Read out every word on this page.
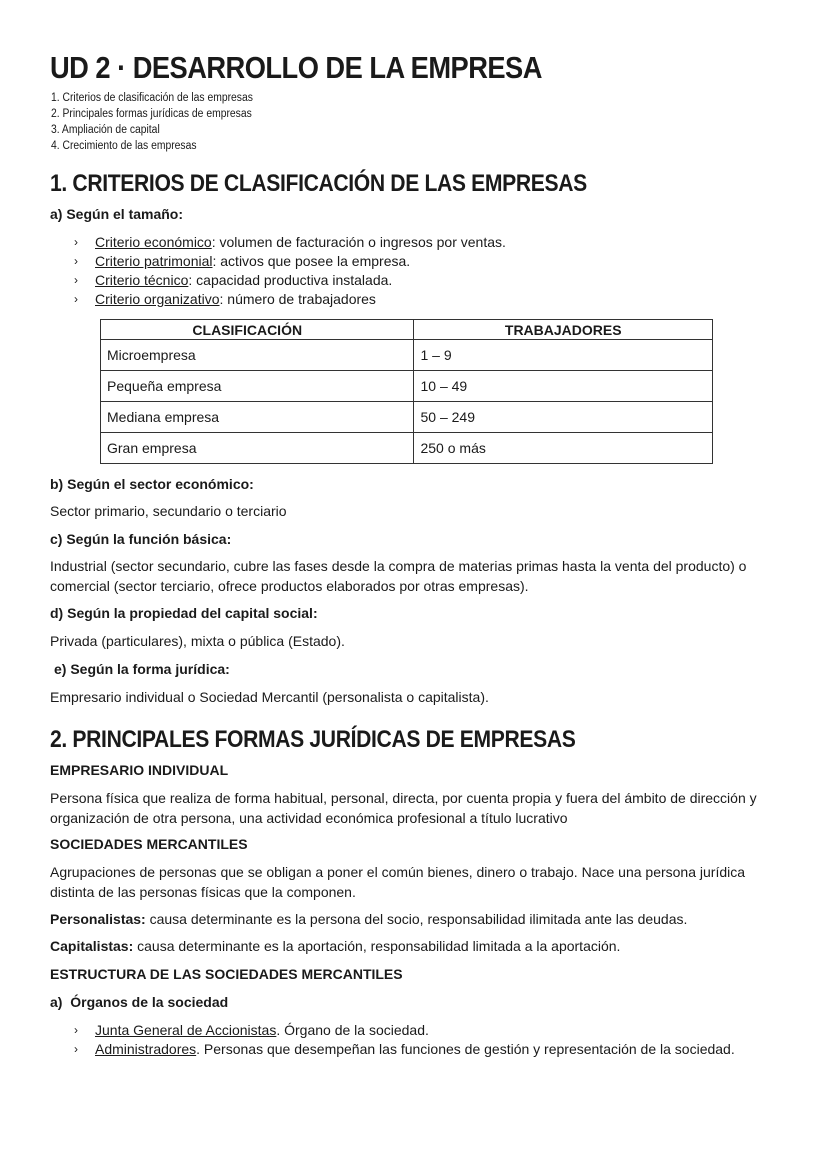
UD 2 · DESARROLLO DE LA EMPRESA
1. Criterios de clasificación de las empresas
2. Principales formas jurídicas de empresas
3. Ampliación de capital
4. Crecimiento de las empresas
1. CRITERIOS DE CLASIFICACIÓN DE LAS EMPRESAS
a) Según el tamaño:
› Criterio económico: volumen de facturación o ingresos por ventas.
› Criterio patrimonial: activos que posee la empresa.
› Criterio técnico: capacidad productiva instalada.
› Criterio organizativo: número de trabajadores
CLASIFICACIÓN	TRABAJADORES
Microempresa	1 – 9
Pequeña empresa	10 – 49
Mediana empresa	50 – 249
Gran empresa	250 o más
b) Según el sector económico:

Sector primario, secundario o terciario

c) Según la función básica:

Industrial (sector secundario, cubre las fases desde la compra de materias primas hasta la venta del producto) o comercial (sector terciario, ofrece productos elaborados por otras empresas).

d) Según la propiedad del capital social:

Privada (particulares), mixta o pública (Estado).

e) Según la forma jurídica:

Empresario individual o Sociedad Mercantil (personalista o capitalista).

2. PRINCIPALES FORMAS JURÍDICAS DE EMPRESAS
EMPRESARIO INDIVIDUAL

Persona física que realiza de forma habitual, personal, directa, por cuenta propia y fuera del ámbito de dirección y organización de otra persona, una actividad económica profesional a título lucrativo

SOCIEDADES MERCANTILES

Agrupaciones de personas que se obligan a poner el común bienes, dinero o trabajo. Nace una persona jurídica distinta de las personas físicas que la componen.

Personalistas: causa determinante es la persona del socio, responsabilidad ilimitada ante las deudas.

Capitalistas: causa determinante es la aportación, responsabilidad limitada a la aportación.

ESTRUCTURA DE LAS SOCIEDADES MERCANTILES
a)  Órganos de la sociedad
› Junta General de Accionistas. Órgano de la sociedad.
› Administradores. Personas que desempeñan las funciones de gestión y representación de la sociedad.
